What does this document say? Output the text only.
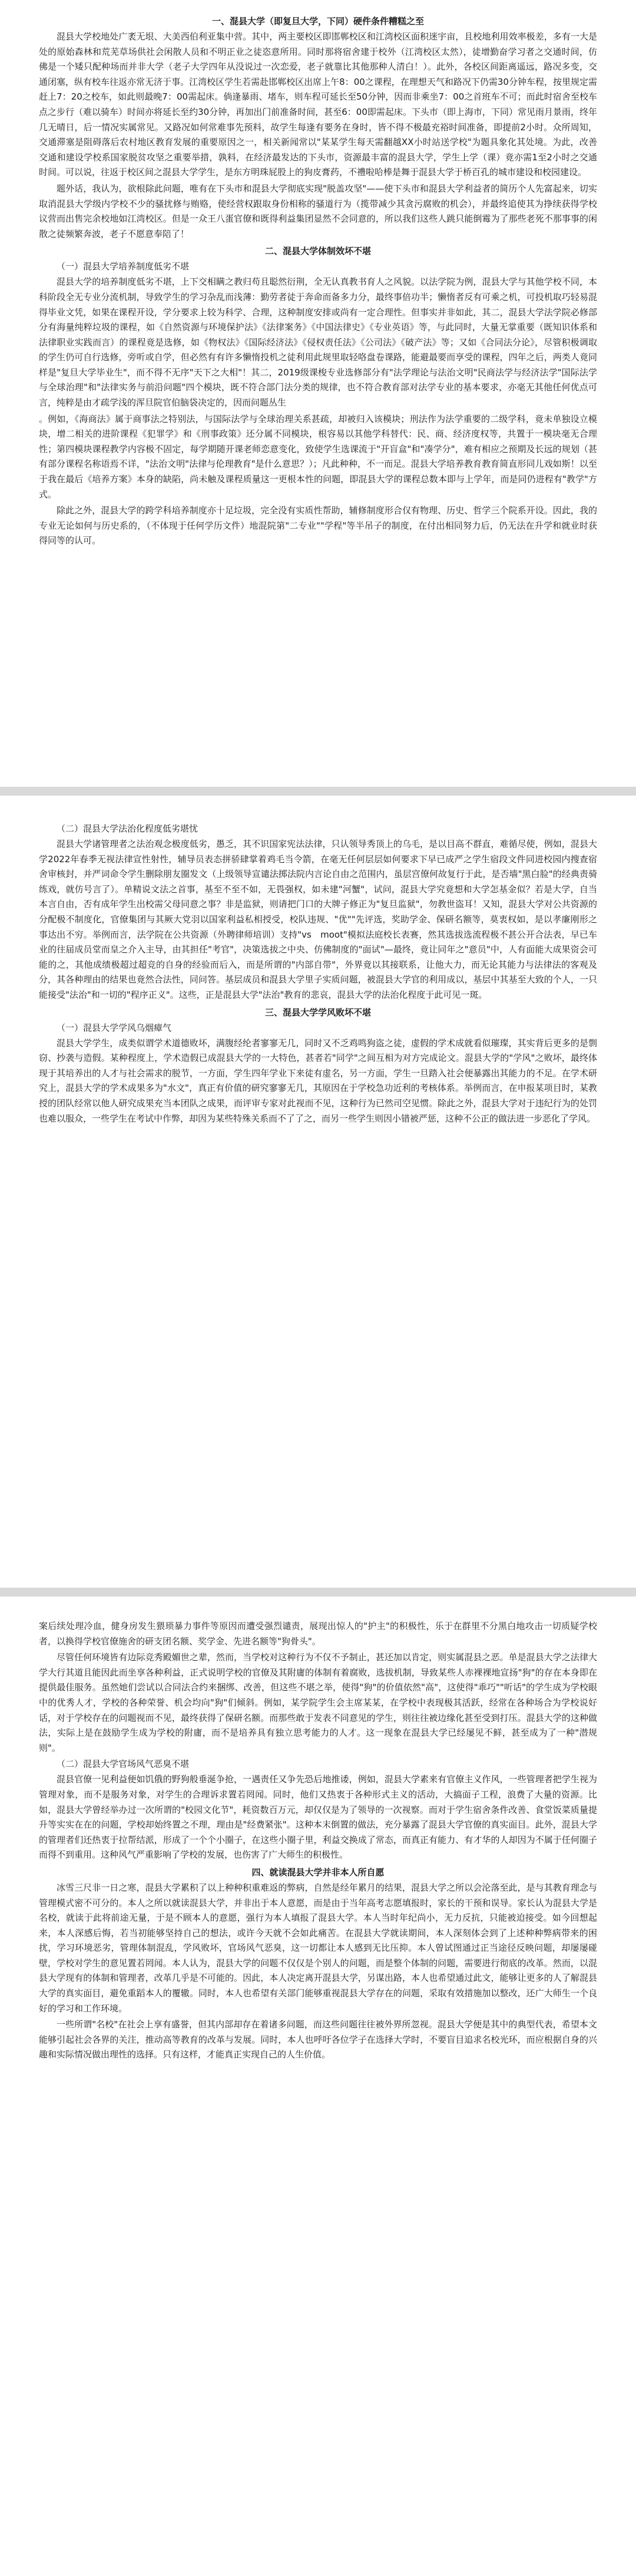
一、混县大学（即复旦大学，下同）硬件条件糟糕之至
混县大学校地处广袤无垠、大美西伯利亚集中营。其中，两主要校区即邯郸校区和江湾校区面积迷宇亩，且校地利用效率极差，多有一大是处的原始森林和荒芜草场供社会闲散人员和不明正业之徒恣意所用。同时那将宿舍建于校外（江湾校区太然），徒增勤奋学习者之交通时间，仿佛是一个矮只配种场而并非大学（老子大学四年从没说过一次恋爱，老子就靠比其他那种人清白！）。此外，各校区间距离遥远，路况多变，交通闭塞，纵有校车往返亦常无济于事。江湾校区学生若需赴邯郸校区出席上午8：00之课程，在理想天气和路况下仍需30分钟车程，按里规定需赶上7：20之校车，如此则最晚7：00需起床。倘逢暴雨、堵车，则车程可延长至50分钟，因而非乘坐7：00之首班车不可；而此时宿舍至校车点之步行（难以骑车）时间亦将延长至约30分钟，再加出门前准备时间，甚至6：00即需起床。下头市（即上海市，下同）常见雨月景雨，终年几无晴日，后一情况实属常见。又路况如何常难事先预料，故学生每逢有要务在身时，皆不得不极最充裕时间准备，即提前2小时。众所周知，交通滞塞是阻碍落后农村地区教育发展的重要原因之一，相关新闻常以"某某学生每天需翻越XX小时站送学校"为题具象化其处境。为此，改善交通和建设学校系国家脱贫攻坚之重要举措，孰料，在经济最发达的下头市，资源最丰富的混县大学，学生上学（课）竟亦需1至2小时之交通时间。可以说，往返于校区间之混县大学学生，是东方明珠屁股上的狗皮膏药，不禮啦哈棒是舞于混县大学于桥百孔的城市建设和校园建设。
题外话，我认为，欲根除此问题，唯有在下头市和混县大学彻底实现"脱盖攻坚"——使下头市和混县大学利益者的简历个人先富起来，切实取消混县大学级内学校不少的骚扰修与贿赂，使经营权跟取身份相称的骚道行为（揽带减少其贪污腐败的机会），并最终追使其为挣续获得学校议营而出售完余校地如江湾校区。但是一众王八蛋官僚和既得利益集团显然不会同意的，所以我们这些人跳只能倒霉为了那些老死不那事事的闲散之徒频繁奔波，老子不愿意奉陪了！
二、混县大学体制效坏不堪
（一）混县大学培养制度低劣不堪
混县大学的培养制度低劣不堪，上下交相瞒之教归苟且聪然衍荆，全无认真教书育人之风貌。以法学院为例，混县大学与其他学校不同，本科阶段全无专业分流机制，导致学生的学习杂乱而浅薄：勤劳者徒于奔命而备多力分，最终事倍功半；懒惰者反有可乘之机，可投机取巧轻易混得毕业文凭，如果在课程开设，学分要求上较为科学、合理，这种制度安排或尚有一定合理性。但事实并非如此，其二，混县大学法学院必修部分有海量纯粹垃圾的课程，如《自然资源与环境保护法》《法律案务》《中国法律史》《专业英语》等，与此同时，大量无掌重要（既知识体系和法律职业实践而言）的课程竟是选修，如《物权法》《国际经济法》《侵权责任法》《公司法》《破产法》等；又如《合同法分论》，尽管积极调取的学生仍可自行选修，旁听或自学，但必然有有许多懒惰投机之徒利用此规里取轻咯盘卷课路，能避最要而享受的课程，四年之后，两类人竟同样是"复旦大学毕业生"，而不得不无序"天下之大相"！其二，2019级课梭专业选修部分有"法学理论与法治文明"民商法学与经济法学"国际法学与全球治理"和"法律实务与前沿问题"四个模块，既不符合部门法分类的规律，也不符合教育部对法学专业的基本要求，亦毫无其他任何优点可言，纯粹是由才疏学浅的浑旦院官伯脑袋决定的，因而问题丛生
。例如，《海商法》属于商事法之特别法，与国际法学与全球治理关系甚疏，却被归入该模块；刑法作为法学重要的二级学科，竟未单独设立模块，增二相关的进阶课程《犯罪学》和《刑事政策》还分属不同模块，根容易以其他学科替代：民、商、经济度权等，共置于一模块毫无合理性；第四模块课程教学内容极不固定，每学期随开课老师恋意变化，致使学生选课流于"开盲盒"和"凑学分"，难有相应之预期及长远的规划（甚有部分课程名称语焉不详，"法治文明"法律与伦理教育"是什么意思？）；凡此种种，不一而足。混县大学培养教育教育简直形同儿戏如斯！以至于我在最后《培养方案》本身的缺陷，尚未触及课程质量这一更根本性的问题，即混县大学的课程总数本即与上学年，而是同仍进程有"教学"方式。
除此之外，混县大学的跨学科培养制度亦十足垃圾，完全没有实质性帮助，辅修制度形合仅有物理、历史、哲学三个院系开设。因此，我的专业无论如何与历史系的，（不体现于任何学历文件）地混院第"二专业""学程"等半吊子的制度，在付出相同努力后，仍无法在升学和就业时获得同等的认可。
（二）混县大学法治化程度低劣堪忧
混县大学诸管理者之法治观念极度低劣，愚乏，其不识国家宪法法律，只认领导秀顶上的乌毛，是以目高不群直，难循尽使，例如，混县大学2022年春季无视法律宣性射性，辅导员表态拼骄肆掌着鸡毛当令箭，在毫无任何层层如何要求下早已成严之学生宿段文件同进校园内搜查宿舍审核封，并严词命令学生删除朋友圈发文（上级领导宣谴法掷法院内言论自由之范围内，虽层宫僚何故复行于此，是否墙"黑白脸"的经典责骑练戏，就仿号言了）。单精说文法之首事，基至不至不如，无畏强权，如未建"河蟹"，试问，混县大学究竟想和大学怎基金似？若是大学，自当本言自由，否有成年学生出校需父母同意之事？非是监狱，则请把门口的大牌子修正为"复旦监狱"，勿教世盗耳！又知，混县大学对公共资源的分配极不制度化，官僚集团与其厥大党羽以国家利益私相授受，校队违规、"优""先评选，奖助学金、保研名额等，莫衷权如，是以孝廉刚形之事达出不穷。举例而言，法学院在公共资源（外聘律师培训）支持"vs　moot"模拟法庭校长表赛，然其选拔选流程极不甚公开合法表，早已车业的往届成员堂而皇之介入主导，由其担任"考官"，决策选拔之中央、仿佛制度的"面试"—最终，竟让同年之"意员"中，人有面能大成果资会可能的之，其他成绩极超过超竞的自身的经验而后入，而是所谓的"内部自带"，外界竟以其接联系，让他大力，而无论其能力与法律法的客观及分，其各种理由的结果也竟然合法性，同问答。基层成员和混县大学里子实质问题，被混县大学官的利用成以，基层中其基至大致的个人，一只能接受"法治"和一切的"程序正义"。这些，正是混县大学"法治"教育的悲哀，混县大学的法治化程度于此可见一斑。
三、混县大学学风败坏不堪
（一）混县大学学风乌烟瘴气
混县大学学生，成类似谓学术道德败坏，满腹经纶者寥寥无几，同时又不乏鸡鸣狗盗之徒，虚假的学术成就看似璀璨，其实背后更多的是剽窃、抄袭与造假。某种程度上，学术造假已成混县大学的一大特色，甚者若"同学"之间互相为对方完成论文。混县大学的"学风"之败坏，最终体现于其培养出的人才与社会需求的脱节，一方面，学生四年学业下来徒有虚名，另一方面，学生一旦踏入社会便暴露出其能力的不足。在学术研究上，混县大学的学术成果多为"水文"，真正有价值的研究寥寥无几，其原因在于学校急功近利的考核体系。举例而言，在申报某项目时，某教授的团队经常以他人研究成果充当本团队之成果，而评审专家对此视而不见，这种行为已然司空见惯。除此之外，混县大学对于违纪行为的处罚也难以服众，一些学生在考试中作弊，却因为某些特殊关系而不了了之，而另一些学生则因小错被严惩，这种不公正的做法进一步恶化了学风。
案后续处理冷血，健身房发生猥琐暴力事件等原因而遭受强烈谴责，展现出惊人的"护主"的积极性，乐于在群里不分黑白地攻击一切质疑学校者，以换得学校官僚施舍的研支团名额、奖学金、先进名额等"狗骨头"。
尽管任何环境皆有边际竞秀殿媚世之辈，然而，当学校对这种行为不仅不予制止，甚还加以肯定，则实属混县之恶。单是混县大学之法律大学大行其道且能因此而坐享各种利益，正式说明学校的官僚及其附庸的体制有着腐败，选拔机制，导致某些人赤裸裸地宣扬"狗"的存在本身即在提供最佳服务。虽然她们尝试以合同法合约来捆绑、改善，但这些不堪之举，使得"狗"的价值依然"高"，这使得"乖巧""听话"的学生成为学校眼中的优秀人才，学校的各种荣誉、机会均向"狗"们倾斜。例如，某学院学生会主席某某，在学校中表现极其活跃，经常在各种场合为学校说好话，对于学校存在的问题视而不见，最终获得了保研名额。而那些敢于发表不同意见的学生，则往往被边缘化甚至受到打压。混县大学的这种做法，实际上是在鼓励学生成为学校的附庸，而不是培养具有独立思考能力的人才。这一现象在混县大学已经屡见不鲜，甚至成为了一种"潜规则"。
（二）混县大学官场风气恶臭不堪
混县官僚一见利益便如饥俄的野狗般垂涎争抢，一遇责任又争先恐后地推诿，例如，混县大学素来有官僚主义作风，一些管理者把学生视为管理对象，而不是服务对象，对学生的合理诉求置若罔闻。同时，他们又热衷于各种形式主义的活动，大搞面子工程，浪费了大量的资源。比如，混县大学曾经举办过一次所谓的"校园文化节"，耗资数百万元，却仅仅是为了领导的一次视察。而对于学生宿舍条件改善、食堂饭菜质量提升等实实在在的问题，学校却始终置之不理，理由是"经费紧张"。这种本末倒置的做法，充分暴露了混县大学官僚的真实面目。此外，混县大学的管理者们还热衷于拉帮结派，形成了一个个小圈子，在这些小圈子里，利益交换成了常态，而真正有能力、有才华的人却因为不属于任何圈子而得不到重用。这种风气严重影响了学校的发展，也伤害了广大师生的积极性。
四、就读混县大学并非本人所自愿
冰雪三尺非一日之寒，混县大学累积了以上种种积重难返的弊病，自然是经年累月的结果，混县大学之所以会沦落至此，是与其教育理念与管理模式密不可分的。本人之所以就读混县大学，并非出于本人意愿，而是由于当年高考志愿填报时，家长的干预和误导。家长认为混县大学是名校，就读于此将前途无量，于是不顾本人的意愿，强行为本人填报了混县大学。本人当时年纪尚小，无力反抗，只能被迫接受。如今回想起来，本人深感后悔，若当初能够坚持自己的想法，或许今天就不会如此痛苦。在混县大学就读期间，本人深刻体会到了上述种种弊病带来的困扰，学习环境恶劣，管理体制混乱，学风败坏，官场风气恶臭，这一切都让本人感到无比压抑。本人曾试图通过正当途径反映问题，却屡屡碰壁，学校对学生的意见置若罔闻。本人认为，混县大学的问题不仅仅是个别人的问题，而是整个体制的问题，需要进行彻底的改革。然而，以混县大学现有的体制和管理者，改革几乎是不可能的。因此，本人决定离开混县大学，另谋出路，本人也希望通过此文，能够让更多的人了解混县大学的真实面目，避免重蹈本人的覆辙。同时，本人也希望有关部门能够重视混县大学存在的问题，采取有效措施加以整改，还广大师生一个良好的学习和工作环境。
一些所谓"名校"在社会上享有盛誉，但其内部却存在着诸多问题，而这些问题往往被外界所忽视。混县大学便是其中的典型代表，希望本文能够引起社会各界的关注，推动高等教育的改革与发展。同时，本人也呼吁各位学子在选择大学时，不要盲目追求名校光环，而应根据自身的兴趣和实际情况做出理性的选择。只有这样，才能真正实现自己的人生价值。
